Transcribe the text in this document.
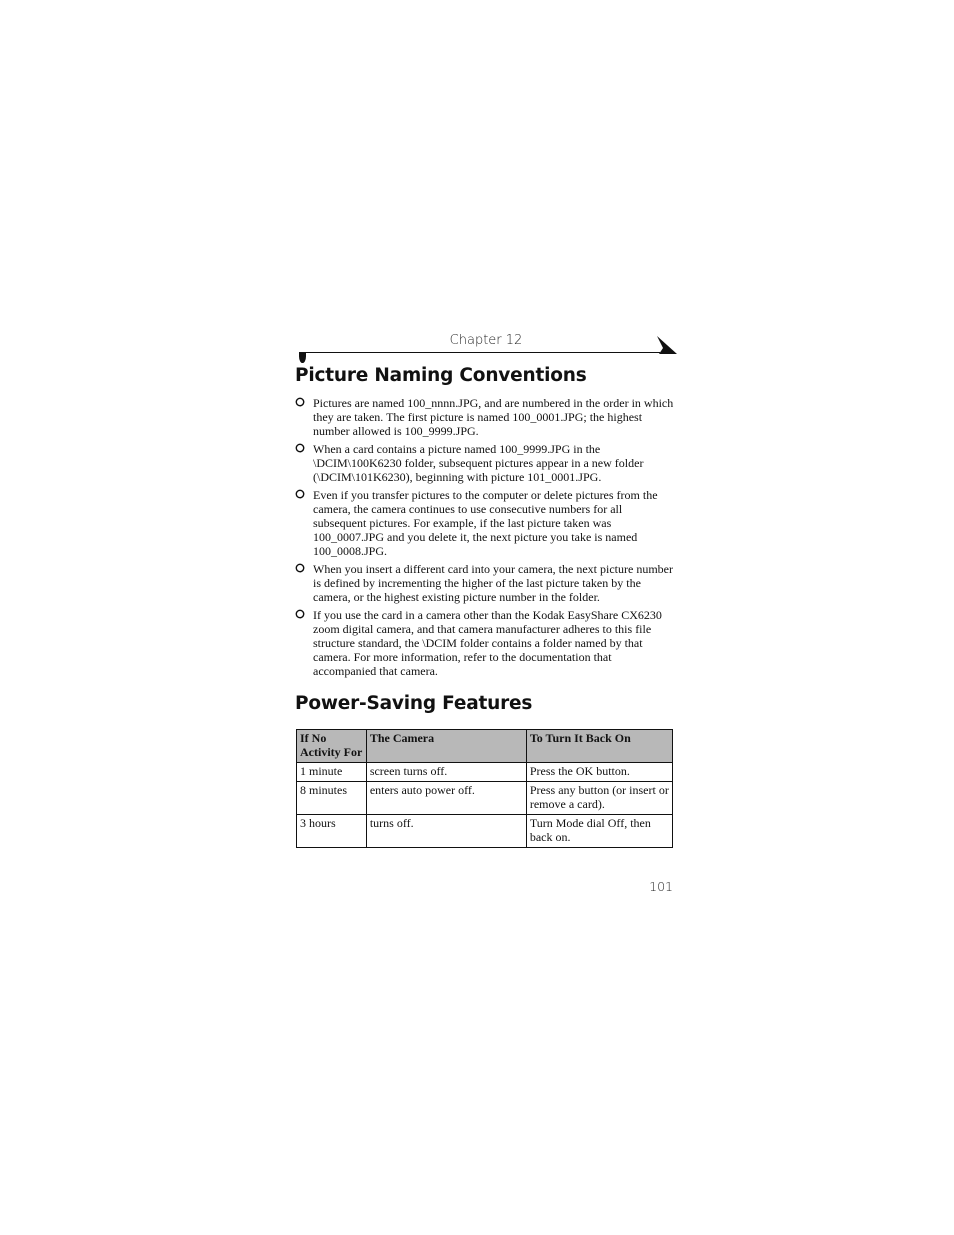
Chapter 12
Picture Naming Conventions
Pictures are named 100_nnnn.JPG, and are numbered in the order in which they are taken. The first picture is named 100_0001.JPG; the highest number allowed is 100_9999.JPG.
When a card contains a picture named 100_9999.JPG in the \DCIM\100K6230 folder, subsequent pictures appear in a new folder (\DCIM\101K6230), beginning with picture 101_0001.JPG.
Even if you transfer pictures to the computer or delete pictures from the camera, the camera continues to use consecutive numbers for all subsequent pictures. For example, if the last picture taken was 100_0007.JPG and you delete it, the next picture you take is named 100_0008.JPG.
When you insert a different card into your camera, the next picture number is defined by incrementing the higher of the last picture taken by the camera, or the highest existing picture number in the folder.
If you use the card in a camera other than the Kodak EasyShare CX6230 zoom digital camera, and that camera manufacturer adheres to this file structure standard, the \DCIM folder contains a folder named by that camera. For more information, refer to the documentation that accompanied that camera.
Power-Saving Features
If No Activity For	The Camera	To Turn It Back On
1 minute	screen turns off.	Press the OK button.
8 minutes	enters auto power off.	Press any button (or insert or remove a card).
3 hours	turns off.	Turn Mode dial Off, then back on.
101
